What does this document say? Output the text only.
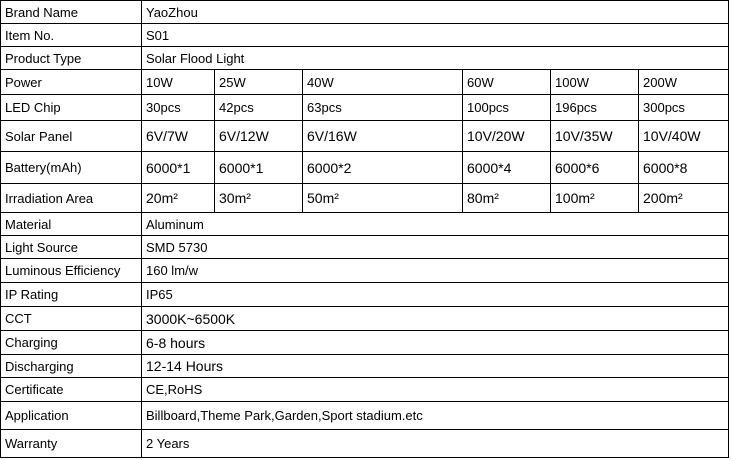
Brand Name	YaoZhou						
Item No.	S01						
Product Type	Solar Flood Light						
Power	10W	25W	40W	60W	100W	200W	
LED Chip	30pcs	42pcs	63pcs	100pcs	196pcs	300pcs	
Solar Panel	6V/7W	6V/12W	6V/16W	10V/20W	10V/35W	10V/40W	
Battery(mAh)	6000*1	6000*1	6000*2	6000*4	6000*6	6000*8	
Irradiation Area	20m²	30m²	50m²	80m²	100m²	200m²	
Material	Aluminum						
Light Source	SMD 5730						
Luminous Efficiency	160 lm/w						
IP Rating	IP65						
CCT	3000K~6500K						
Charging	6-8 hours						
Discharging	12-14 Hours						
Certificate	CE,RoHS						
Application	Billboard,Theme Park,Garden,Sport stadium.etc						
Warranty	2 Years						
